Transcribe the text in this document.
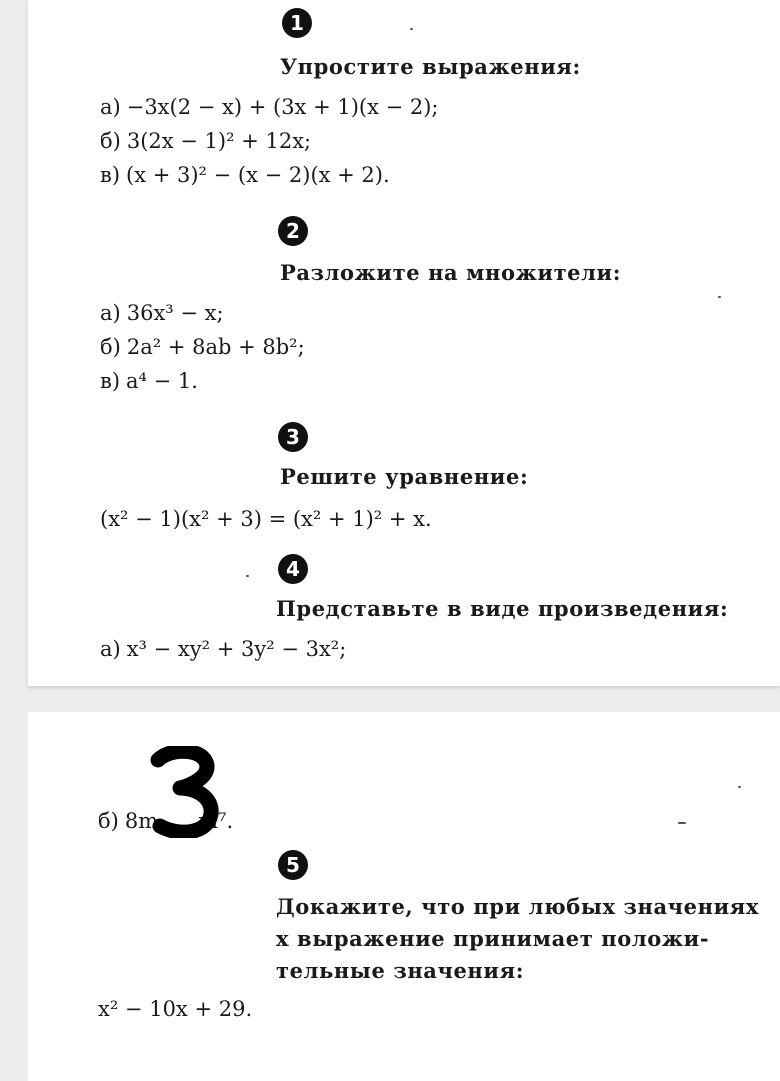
1
Упростите выражения:
а) −3x(2 − x) + (3x + 1)(x − 2);
б) 3(2x − 1)² + 12x;
в) (x + 3)² − (x − 2)(x + 2).
2
Разложите на множители:
а) 36x³ − x;
б) 2a² + 8ab + 8b²;
в) a⁴ − 1.
3
Решите уравнение:
(x² − 1)(x² + 3) = (x² + 1)² + x.
4
Представьте в виде произведения:
а) x³ − xy² + 3y² − 3x²;
б) 8m m⁷.
5
Докажите, что при любых значениях
x выражение принимает положи-
тельные значения:
x² − 10x + 29.
